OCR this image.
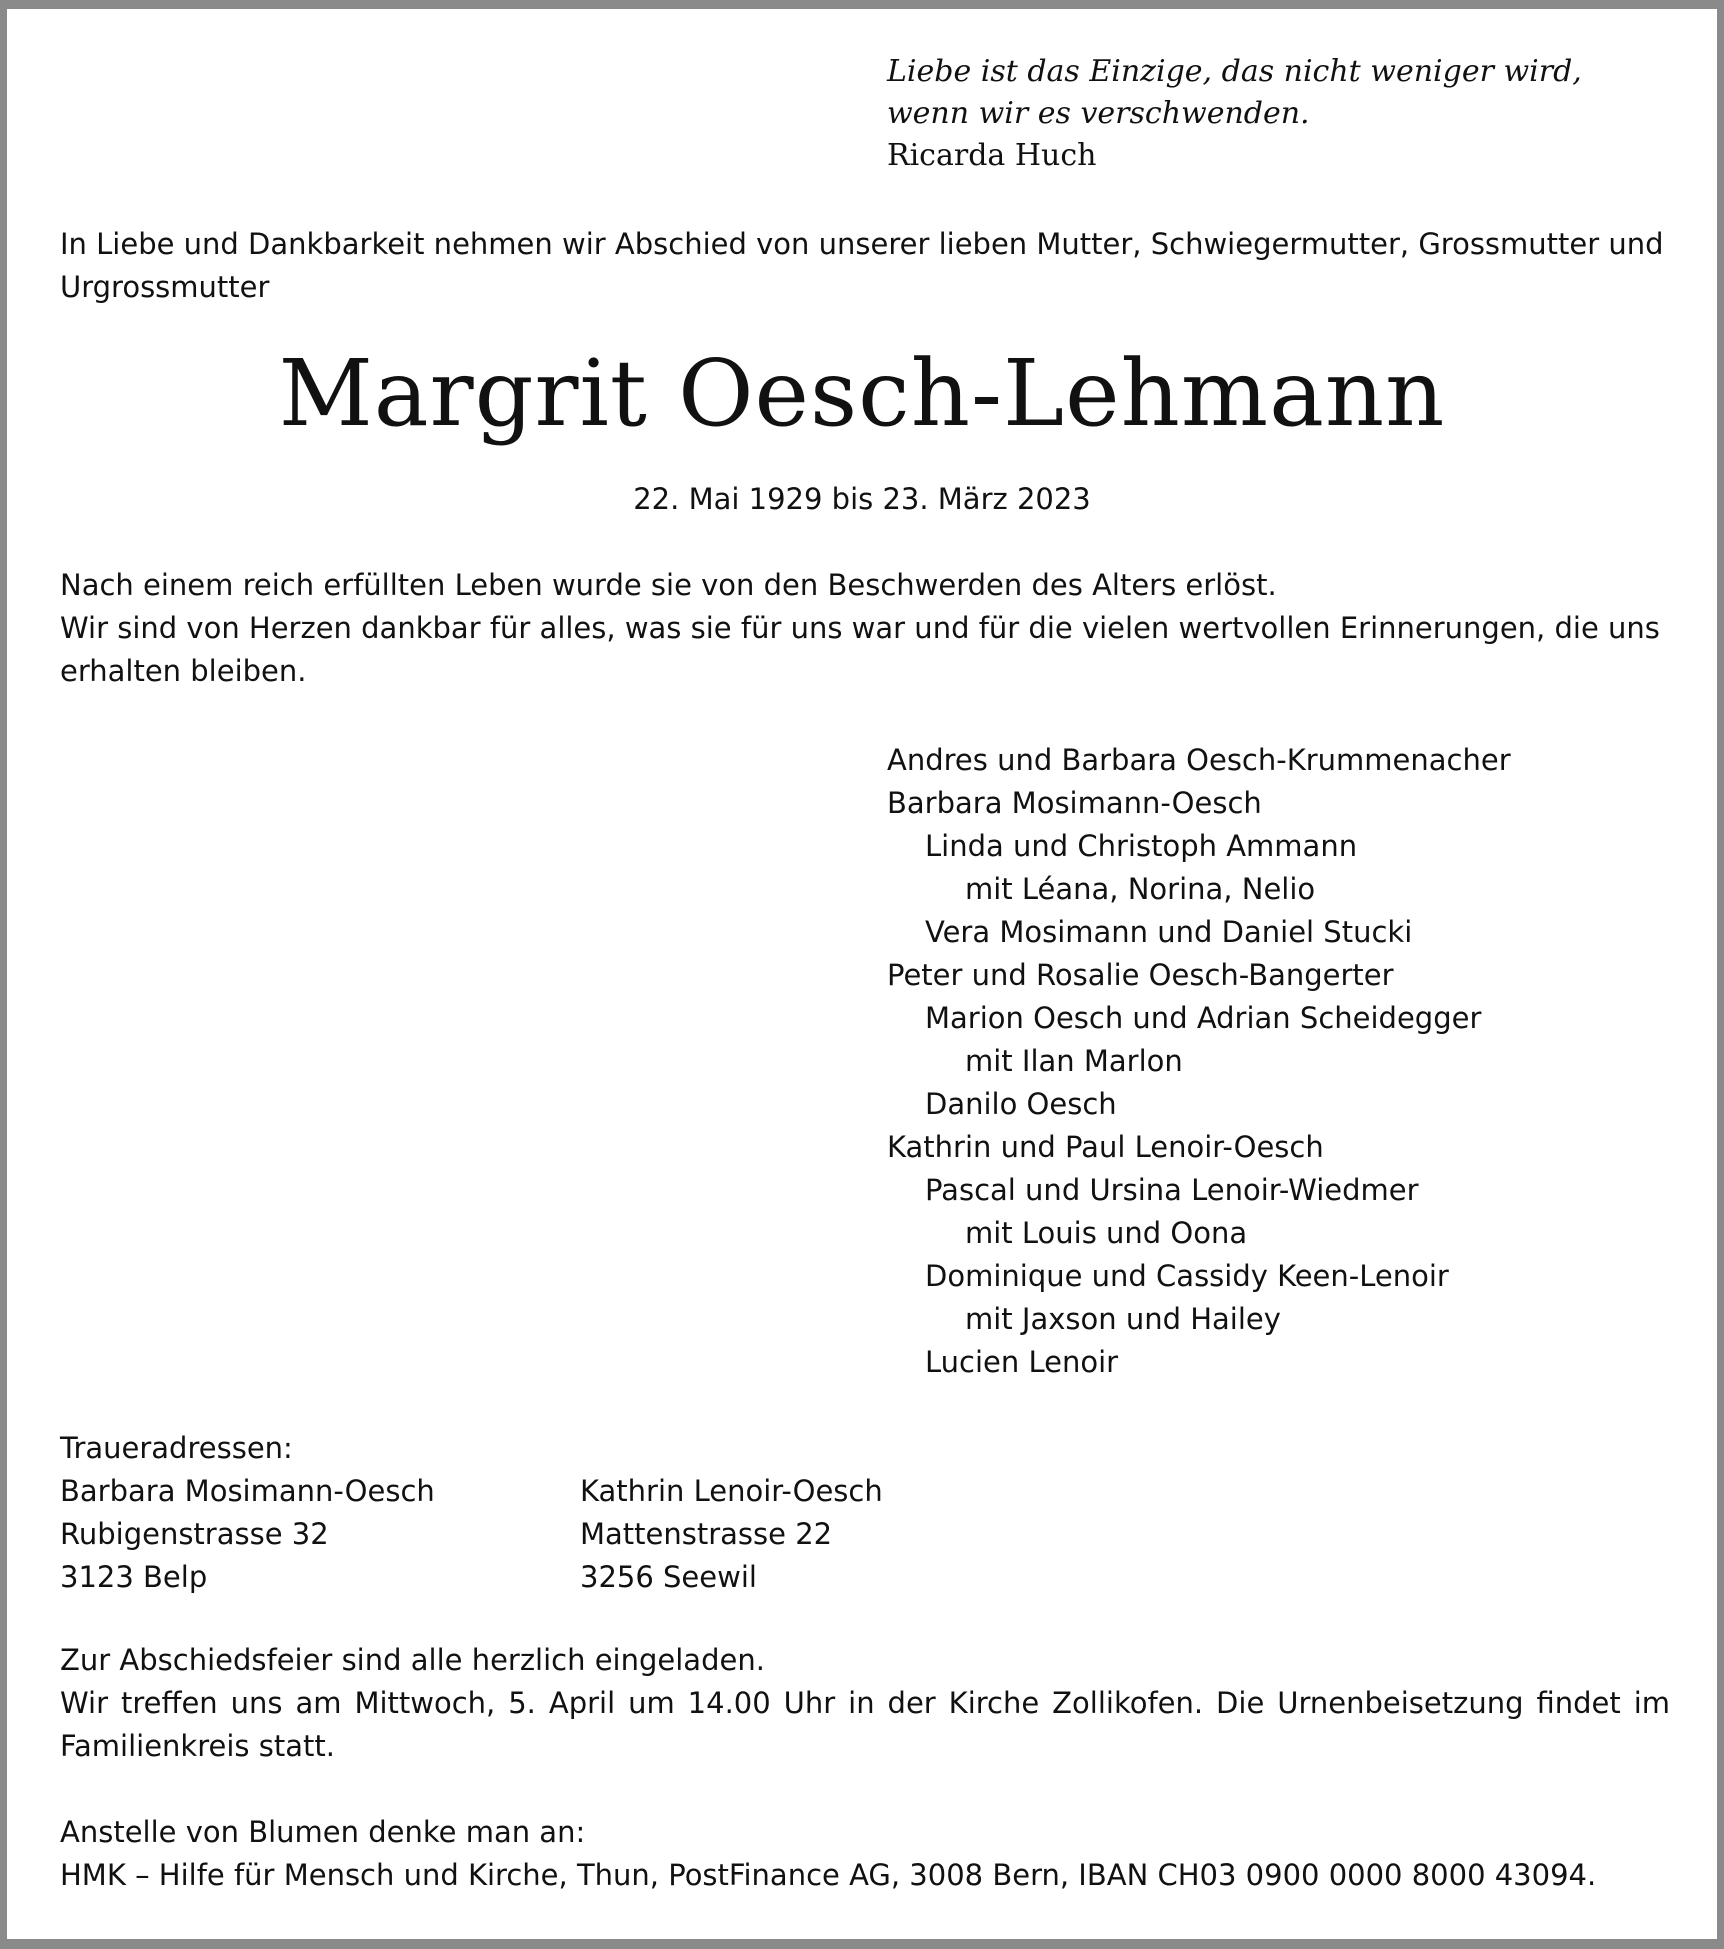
Liebe ist das Einzige, das nicht weniger wird,
wenn wir es verschwenden.
Ricarda Huch
In Liebe und Dankbarkeit nehmen wir Abschied von unserer lieben Mutter, Schwiegermutter, Grossmutter und Urgrossmutter
Margrit Oesch-Lehmann
22. Mai 1929 bis 23. März 2023
Nach einem reich erfüllten Leben wurde sie von den Beschwerden des Alters erlöst.
Wir sind von Herzen dankbar für alles, was sie für uns war und für die vielen wertvollen Erinnerungen, die uns erhalten bleiben.
Andres und Barbara Oesch-Krummenacher
Barbara Mosimann-Oesch
Linda und Christoph Ammann
mit Léana, Norina, Nelio
Vera Mosimann und Daniel Stucki
Peter und Rosalie Oesch-Bangerter
Marion Oesch und Adrian Scheidegger
mit Ilan Marlon
Danilo Oesch
Kathrin und Paul Lenoir-Oesch
Pascal und Ursina Lenoir-Wiedmer
mit Louis und Oona
Dominique und Cassidy Keen-Lenoir
mit Jaxson und Hailey
Lucien Lenoir
Traueradressen:
Barbara Mosimann-Oesch
Rubigenstrasse 32
3123 Belp
Kathrin Lenoir-Oesch
Mattenstrasse 22
3256 Seewil
Zur Abschiedsfeier sind alle herzlich eingeladen.
Wir treffen uns am Mittwoch, 5. April um 14.00 Uhr in der Kirche Zollikofen. Die Urnenbeisetzung findet im Familienkreis statt.
Anstelle von Blumen denke man an:
HMK – Hilfe für Mensch und Kirche, Thun, PostFinance AG, 3008 Bern, IBAN CH03 0900 0000 8000 43094.
